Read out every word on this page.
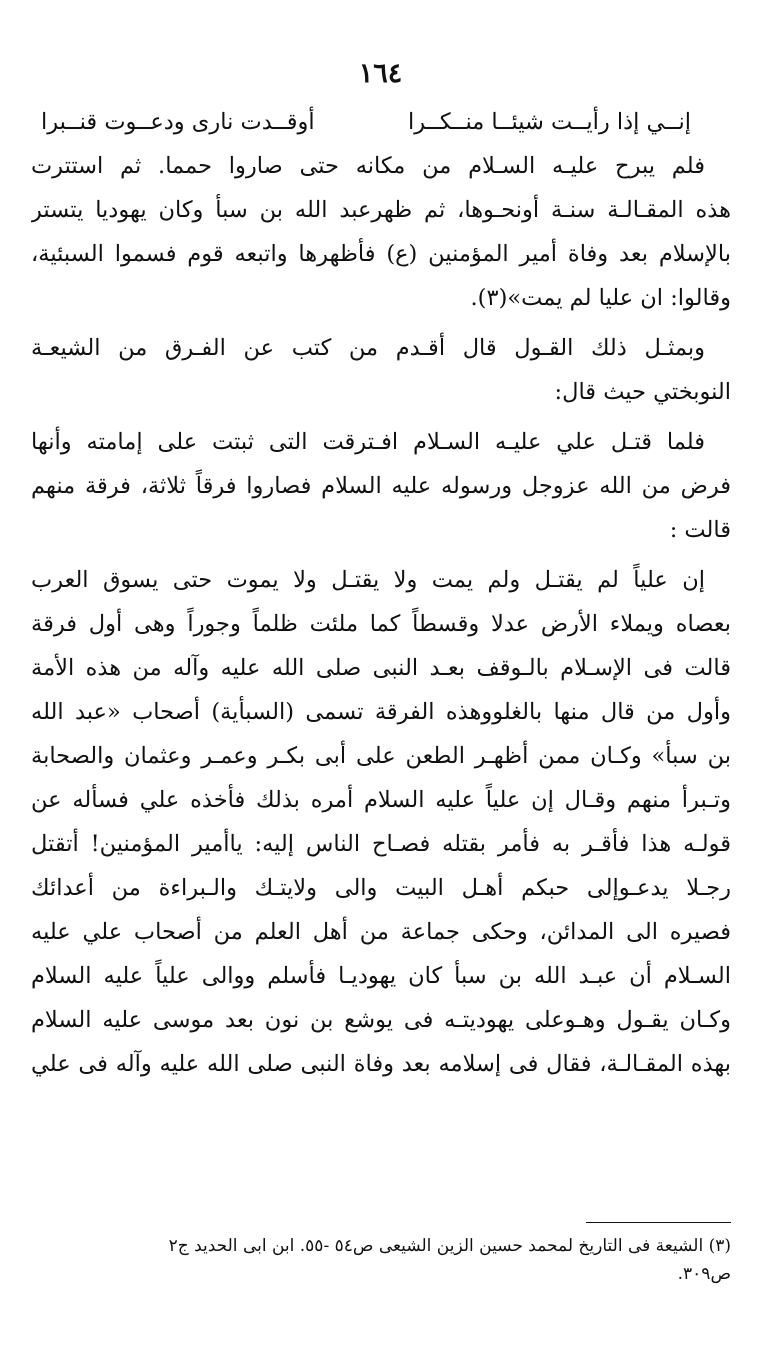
١٦٤
إنــي إذا رأيــت شيئــا منــكــرا
أوقــدت نارى ودعــوت قنــبرا
فلم يبرح عليـه السـلام من مكانه حتى صاروا حمما. ثم استترت
هذه المقـالـة سنـة أونحـوها، ثم ظهرعبد الله بن سبأ وكان يهوديا يتستر
بالإسلام بعد وفاة أمير المؤمنين (ع) فأظهرها واتبعه قوم فسموا السبئية،
وقالوا: ان عليا لم يمت»(٣).
وبمثـل ذلك القـول قال أقـدم من كتب عن الفـرق من الشيعـة
النوبختي حيث قال:
فلما قتـل علي عليـه السـلام افـترقت التى ثبتت على إمامته وأنها
فرض من الله عزوجل ورسوله عليه السلام فصاروا فرقاً ثلاثة، فرقة منهم
قالت :
إن علياً لم يقتـل ولم يمت ولا يقتـل ولا يموت حتى يسوق العرب
بعصاه ويملاء الأرض عدلا وقسطاً كما ملئت ظلماً وجوراً وهى أول فرقة
قالت فى الإسـلام بالـوقف بعـد النبى صلى الله عليه وآله من هذه الأمة
وأول من قال منها بالغلووهذه الفرقة تسمى (السبأية) أصحاب «عبد الله
بن سبأ» وكـان ممن أظهـر الطعن على أبى بكـر وعمـر وعثمان والصحابة
وتـبرأ منهم وقـال إن علياً عليه السلام أمره بذلك فأخذه علي فسأله عن
قولـه هذا فأقـر به فأمر بقتله فصـاح الناس إليه: ياأمير المؤمنين! أتقتل
رجـلا يدعـوإلى حبكم أهـل البيت والى ولايتـك والـبراءة من أعدائك
فصيره الى المدائن، وحكى جماعة من أهل العلم من أصحاب علي عليه
السـلام أن عبـد الله بن سبأ كان يهوديـا فأسلم ووالى علياً عليه السلام
وكـان يقـول وهـوعلى يهوديتـه فى يوشع بن نون بعد موسى عليه السلام
بهذه المقـالـة، فقال فى إسلامه بعد وفاة النبى صلى الله عليه وآله فى علي
(٣) الشيعة فى التاريخ لمحمد حسين الزين الشيعى ص٥٤ -٥٥. ابن ابى الحديد ج٢
ص٣٠٩.
